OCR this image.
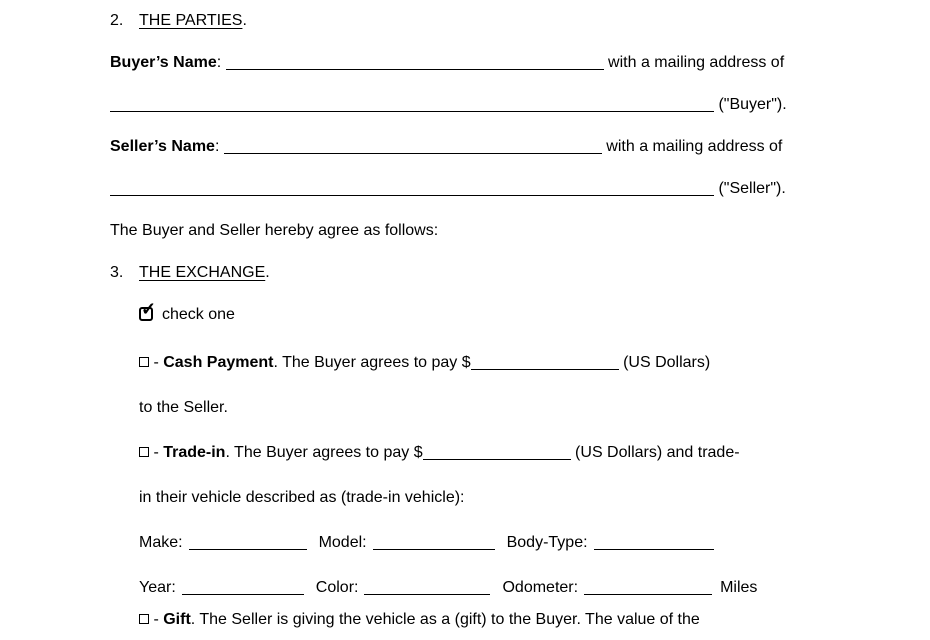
2. THE PARTIES.
Buyer’s Name:	with a mailing address of
("Buyer").
Seller’s Name:	with a mailing address of
("Seller").
The Buyer and Seller hereby agree as follows:
3. THE EXCHANGE.
✓ check one
- Cash Payment. The Buyer agrees to pay $	(US Dollars)
to the Seller.
- Trade-in. The Buyer agrees to pay $	(US Dollars) and trade-
in their vehicle described as (trade-in vehicle):
Make:	Model:	Body-Type:
Year:	Color:	Odometer:	Miles
- Gift. The Seller is giving the vehicle as a (gift) to the Buyer. The value of the
